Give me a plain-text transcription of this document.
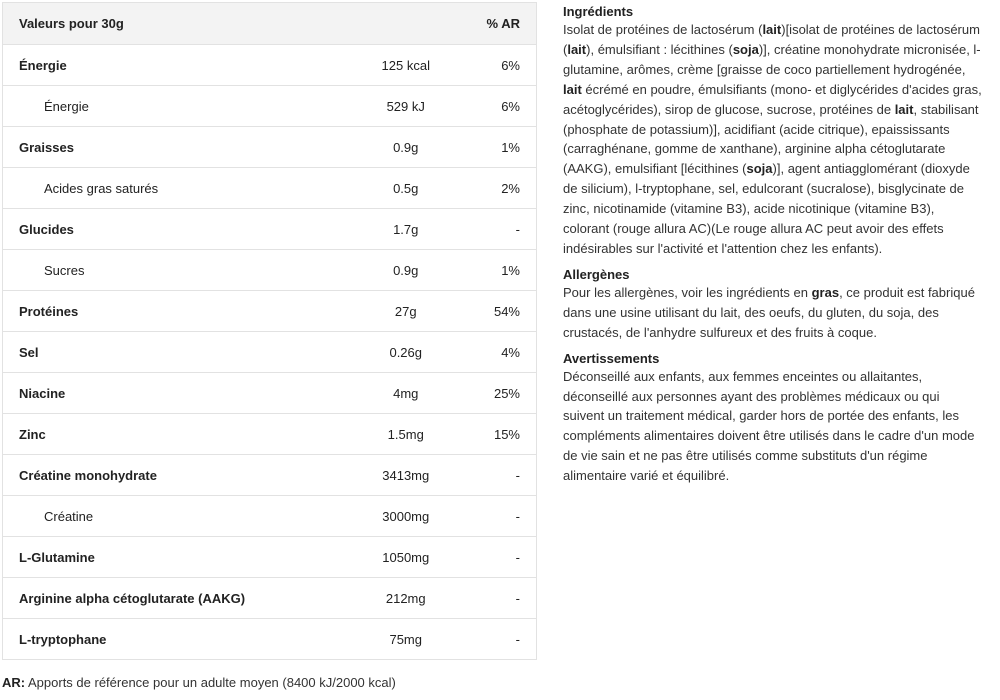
Valeurs pour 30g		% AR
Énergie	125 kcal	6%
Énergie	529 kJ	6%
Graisses	0.9g	1%
Acides gras saturés	0.5g	2%
Glucides	1.7g	-
Sucres	0.9g	1%
Protéines	27g	54%
Sel	0.26g	4%
Niacine	4mg	25%
Zinc	1.5mg	15%
Créatine monohydrate	3413mg	-
Créatine	3000mg	-
L-Glutamine	1050mg	-
Arginine alpha cétoglutarate (AAKG)	212mg	-
L-tryptophane	75mg	-
AR: Apports de référence pour un adulte moyen (8400 kJ/2000 kcal)
Ingrédients

Isolat de protéines de lactosérum (lait)[isolat de protéines de lactosérum (lait), émulsifiant : lécithines (soja)], créatine monohydrate micronisée, l-glutamine, arômes, crème [graisse de coco partiellement hydrogénée, lait écrémé en poudre, émulsifiants (mono- et diglycérides d'acides gras, acétoglycérides), sirop de glucose, sucrose, protéines de lait, stabilisant (phosphate de potassium)], acidifiant (acide citrique), epaississants (carraghénane, gomme de xanthane), arginine alpha cétoglutarate (AAKG), emulsifiant [lécithines (soja)], agent antiagglomérant (dioxyde de silicium), l-tryptophane, sel, edulcorant (sucralose), bisglycinate de zinc, nicotinamide (vitamine B3), acide nicotinique (vitamine B3), colorant (rouge allura AC)(Le rouge allura AC peut avoir des effets indésirables sur l'activité et l'attention chez les enfants).

Allergènes

Pour les allergènes, voir les ingrédients en gras, ce produit est fabriqué dans une usine utilisant du lait, des oeufs, du gluten, du soja, des crustacés, de l'anhydre sulfureux et des fruits à coque.

Avertissements

Déconseillé aux enfants, aux femmes enceintes ou allaitantes, déconseillé aux personnes ayant des problèmes médicaux ou qui suivent un traitement médical, garder hors de portée des enfants, les compléments alimentaires doivent être utilisés dans le cadre d'un mode de vie sain et ne pas être utilisés comme substituts d'un régime alimentaire varié et équilibré.
